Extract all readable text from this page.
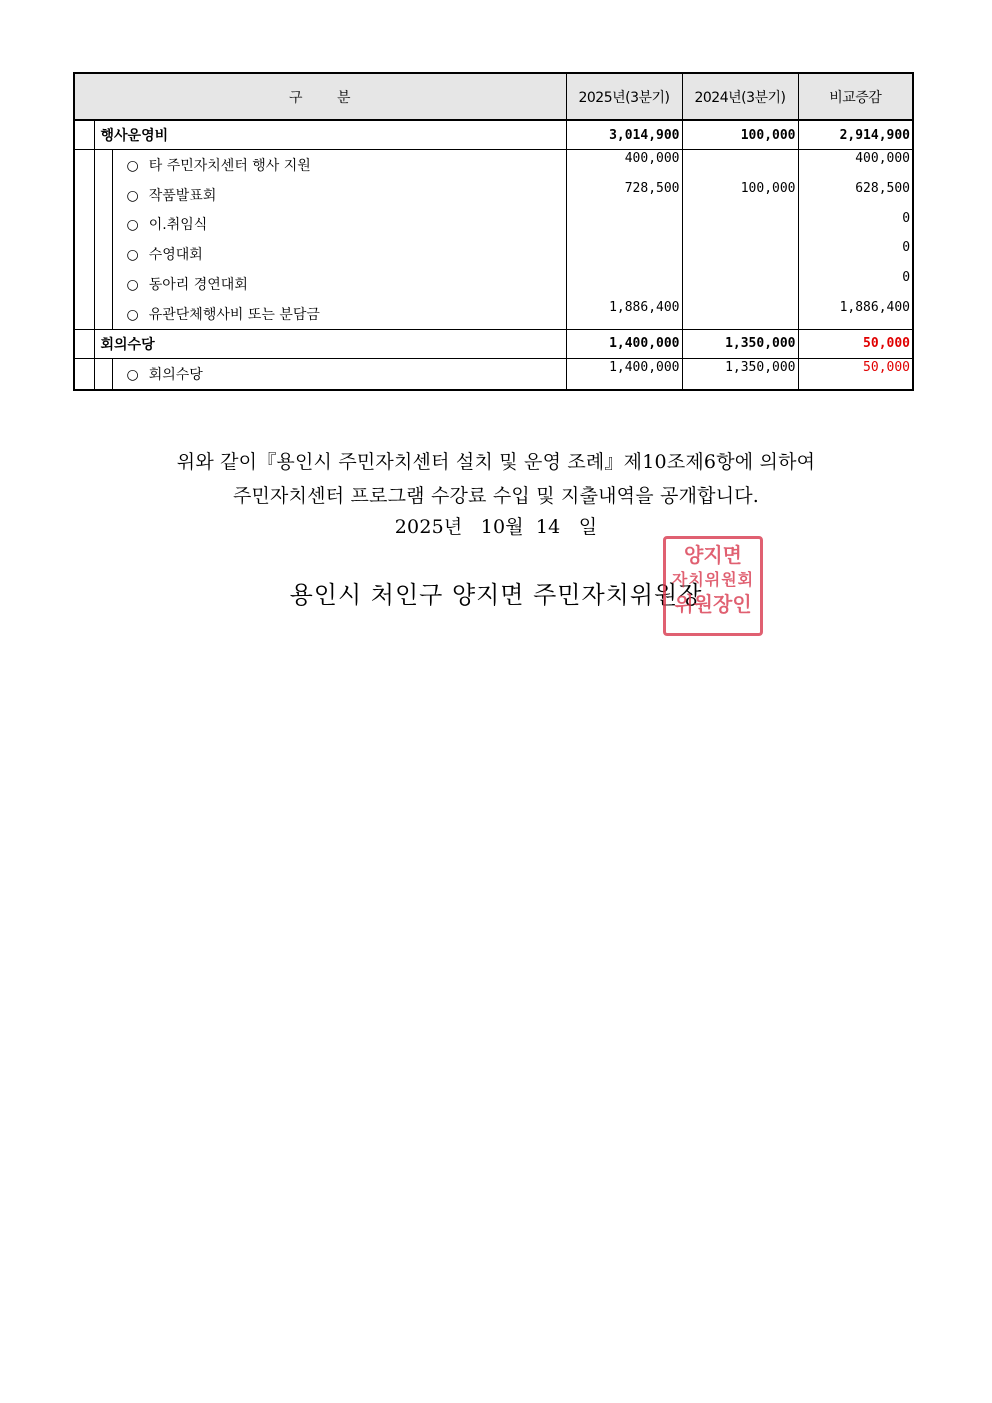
구 분			2025년(3분기)	2024년(3분기)	비교증감
	행사운영비		3,014,900	100,000	2,914,900
		○ 타 주민자치센터 행사 지원	400,000		400,000
		○ 작품발표회	728,500	100,000	628,500
		○ 이.취임식			0
		○ 수영대회			0
		○ 동아리 경연대회			0
		○ 유관단체행사비 또는 분담금	1,886,400		1,886,400
	회의수당		1,400,000	1,350,000	50,000
		○ 회의수당	1,400,000	1,350,000	50,000
위와 같이『용인시 주민자치센터 설치 및 운영 조례』제10조제6항에 의하여
주민자치센터 프로그램 수강료 수입 및 지출내역을 공개합니다.
2025년 10월 14 일
용인시 처인구 양지면 주민자치위원장
양지면
자치위원회
위원장인
